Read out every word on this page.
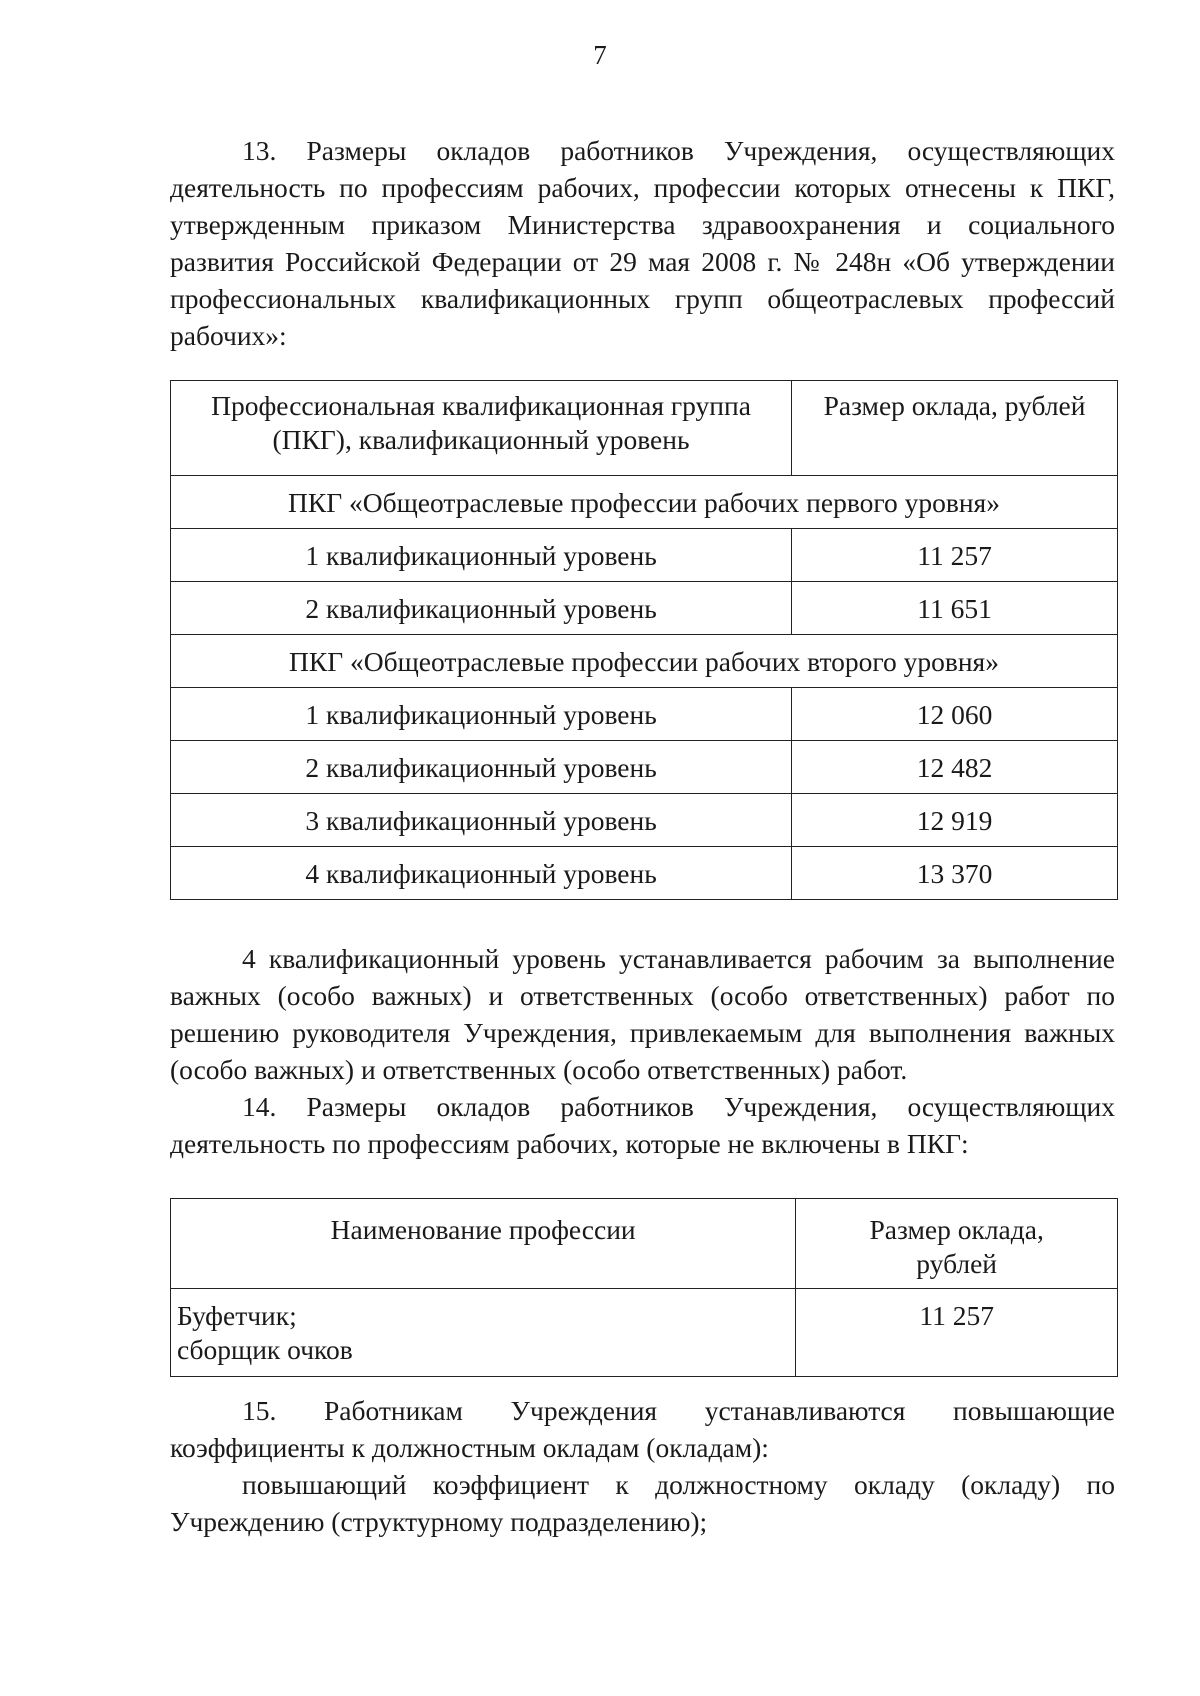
7

13. Размеры окладов работников Учреждения, осуществляющих деятельность по профессиям рабочих, профессии которых отнесены к ПКГ, утвержденным приказом Министерства здравоохранения и социального развития Российской Федерации от 29 мая 2008 г. № 248н «Об утверждении профессиональных квалификационных групп общеотраслевых профессий рабочих»:

Профессиональная квалификационная группа (ПКГ), квалификационный уровень	Размер оклада, рублей
ПКГ «Общеотраслевые профессии рабочих первого уровня»	
1 квалификационный уровень	11 257
2 квалификационный уровень	11 651
ПКГ «Общеотраслевые профессии рабочих второго уровня»	
1 квалификационный уровень	12 060
2 квалификационный уровень	12 482
3 квалификационный уровень	12 919
4 квалификационный уровень	13 370

4 квалификационный уровень устанавливается рабочим за выполнение важных (особо важных) и ответственных (особо ответственных) работ по решению руководителя Учреждения, привлекаемым для выполнения важных (особо важных) и ответственных (особо ответственных) работ.

14. Размеры окладов работников Учреждения, осуществляющих деятельность по профессиям рабочих, которые не включены в ПКГ:

Наименование профессии	Размер оклада,
рублей

Буфетчик;
сборщик очков	11 257

15. Работникам Учреждения устанавливаются повышающие коэффициенты к должностным окладам (окладам):

повышающий коэффициент к должностному окладу (окладу) по Учреждению (структурному подразделению);
